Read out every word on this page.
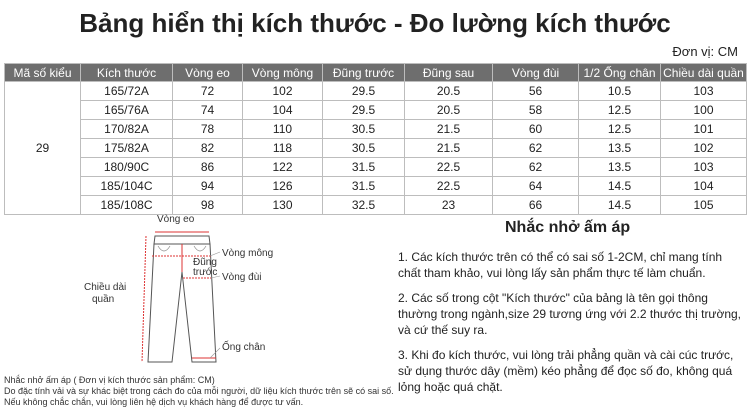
Bảng hiển thị kích thước - Đo lường kích thước
Đơn vị: CM
Mã số kiểu	Kích thước	Vòng eo	Vòng mông	Đũng trước	Đũng sau	Vòng đùi	1/2 Ống chân	Chiều dài quần
29	165/72A	72	102	29.5	20.5	56	10.5	103
	165/76A	74	104	29.5	20.5	58	12.5	100
	170/82A	78	110	30.5	21.5	60	12.5	101
	175/82A	82	118	30.5	21.5	62	13.5	102
	180/90C	86	122	31.5	22.5	62	13.5	103
	185/104C	94	126	31.5	22.5	64	14.5	104
	185/108C	98	130	32.5	23	66	14.5	105
Vòng eo
Vòng mông
Đũng
trước Vòng đùi
Chiều dài
quần
Ống chân
Nhắc nhở ấm áp ( Đơn vị kích thước sản phẩm: CM)
Do đặc tính vải và sự khác biệt trong cách đo của mỗi người, dữ liệu kích thước trên sẽ có sai số.
Nếu không chắc chắn, vui lòng liên hệ dịch vụ khách hàng để được tư vấn.
Nhắc nhở ấm áp
1. Các kích thước trên có thể có sai số 1-2CM, chỉ mang tính
chất tham khảo, vui lòng lấy sản phẩm thực tế làm chuẩn.
2. Các số trong cột "Kích thước" của bảng là tên gọi thông
thường trong ngành,size 29 tương ứng với 2.2 thước thị trường,
và cứ thế suy ra.
3. Khi đo kích thước, vui lòng trải phẳng quần và cài cúc trước,
sử dụng thước dây (mềm) kéo phẳng để đọc số đo, không quá
lỏng hoặc quá chặt.
